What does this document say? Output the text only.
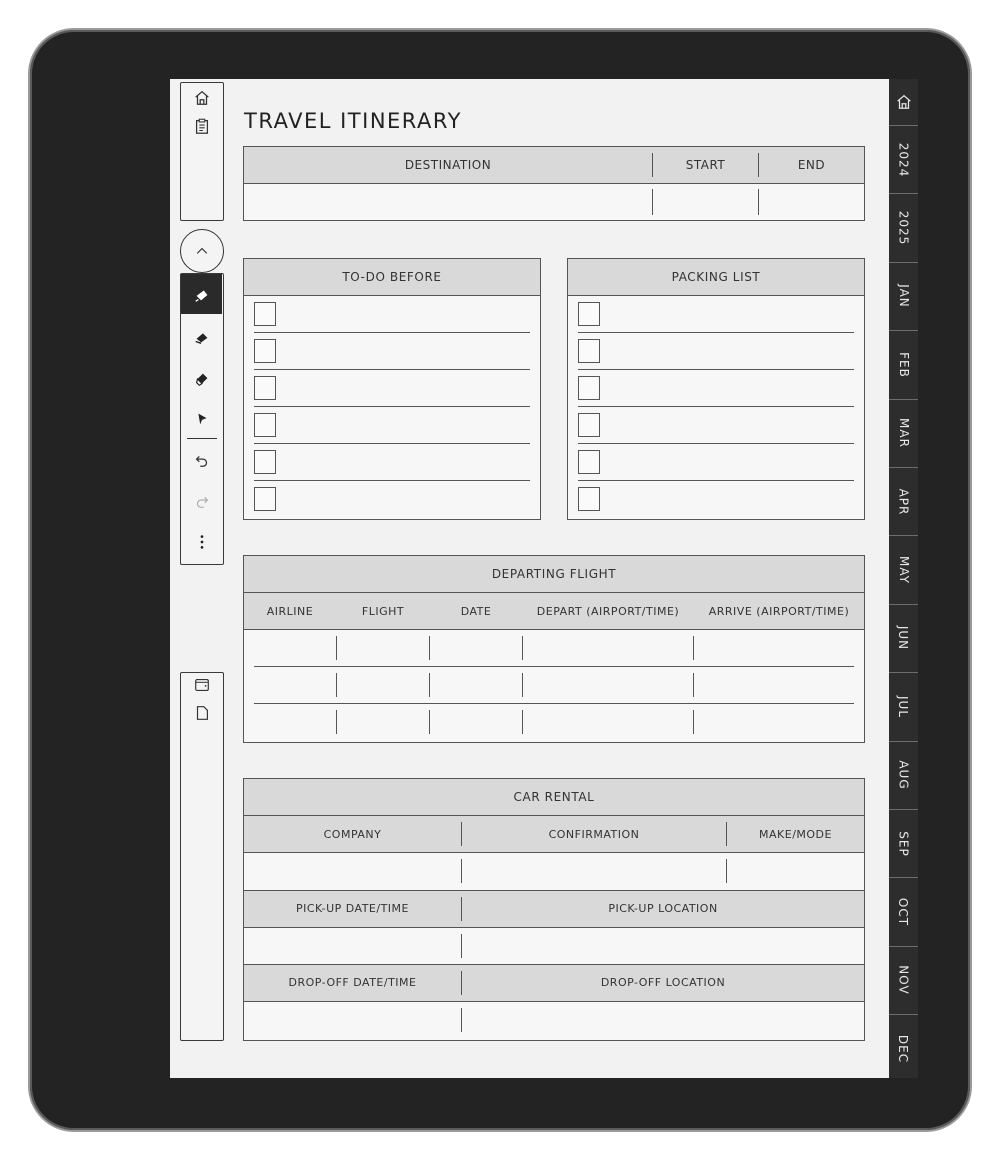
TRAVEL ITINERARY
DESTINATION	START	END
TO-DO BEFORE	PACKING LIST
DEPARTING FLIGHT
AIRLINE	FLIGHT	DATE	DEPART (AIRPORT/TIME)	ARRIVE (AIRPORT/TIME)
CAR RENTAL
COMPANY	CONFIRMATION	MAKE/MODE
PICK-UP DATE/TIME	PICK-UP LOCATION
DROP-OFF DATE/TIME	DROP-OFF LOCATION
2024
2025
JAN
FEB
MAR
APR
MAY
JUN
JUL
AUG
SEP
OCT
NOV
DEC
